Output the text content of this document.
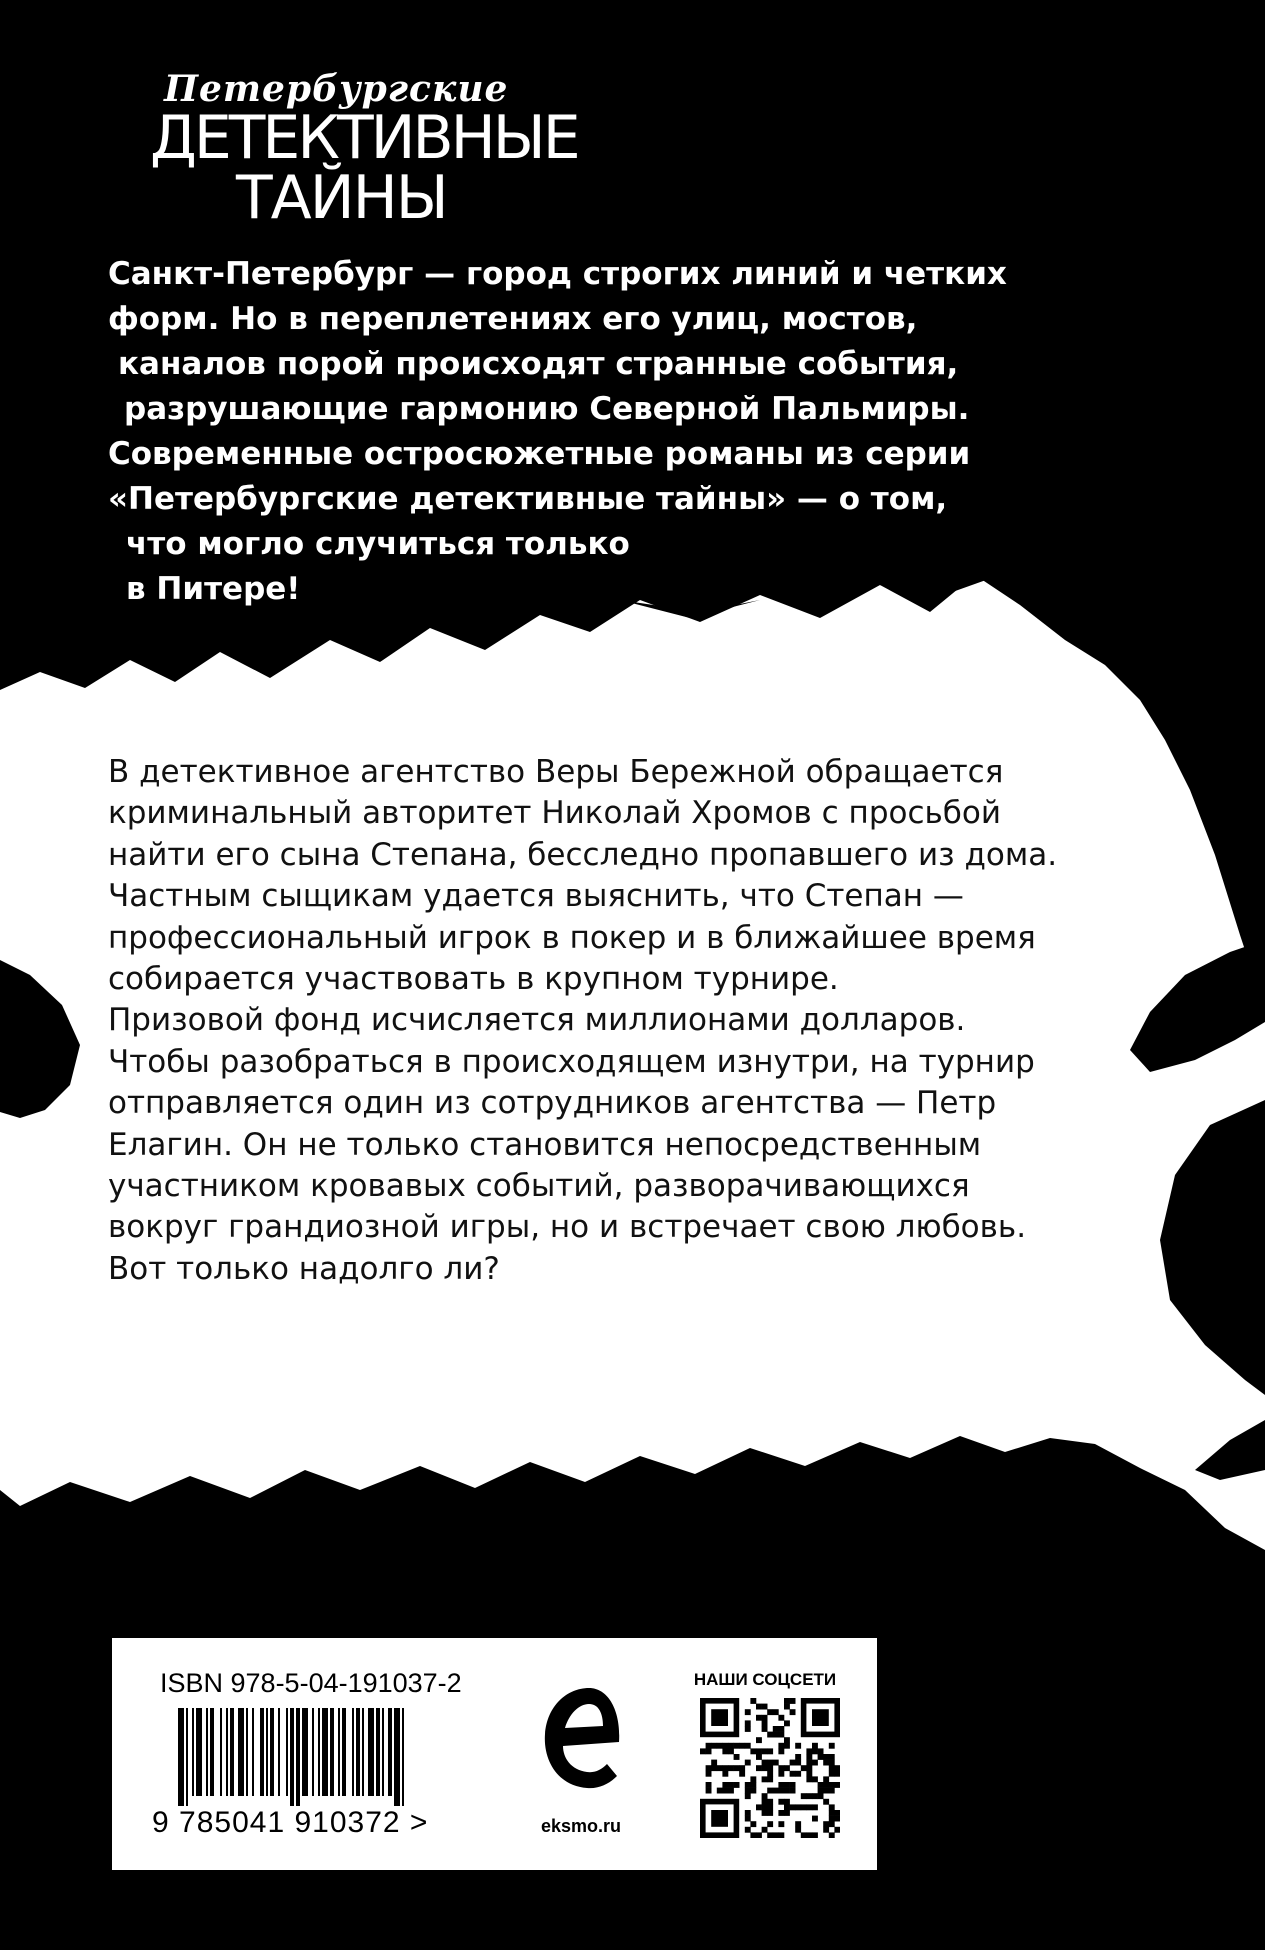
Петербургские
ДЕТЕКТИВНЫЕ
ТАЙНЫ

Санкт-Петербург — город строгих линий и четких
форм. Но в переплетениях его улиц, мостов,
каналов порой происходят странные события,
разрушающие гармонию Северной Пальмиры.
Современные остросюжетные романы из серии
«Петербургские детективные тайны» — о том,
что могло случиться только
в Питере!

В детективное агентство Веры Бережной обращается
криминальный авторитет Николай Хромов с просьбой
найти его сына Степана, бесследно пропавшего из дома.
Частным сыщикам удается выяснить, что Степан —
профессиональный игрок в покер и в ближайшее время
собирается участвовать в крупном турнире.
Призовой фонд исчисляется миллионами долларов.
Чтобы разобраться в происходящем изнутри, на турнир
отправляется один из сотрудников агентства — Петр
Елагин. Он не только становится непосредственным
участником кровавых событий, разворачивающихся
вокруг грандиозной игры, но и встречает свою любовь.
Вот только надолго ли?

ISBN 978-5-04-191037-2
9 785041 910372 >	eksmo.ru
НАШИ СОЦСЕТИ
